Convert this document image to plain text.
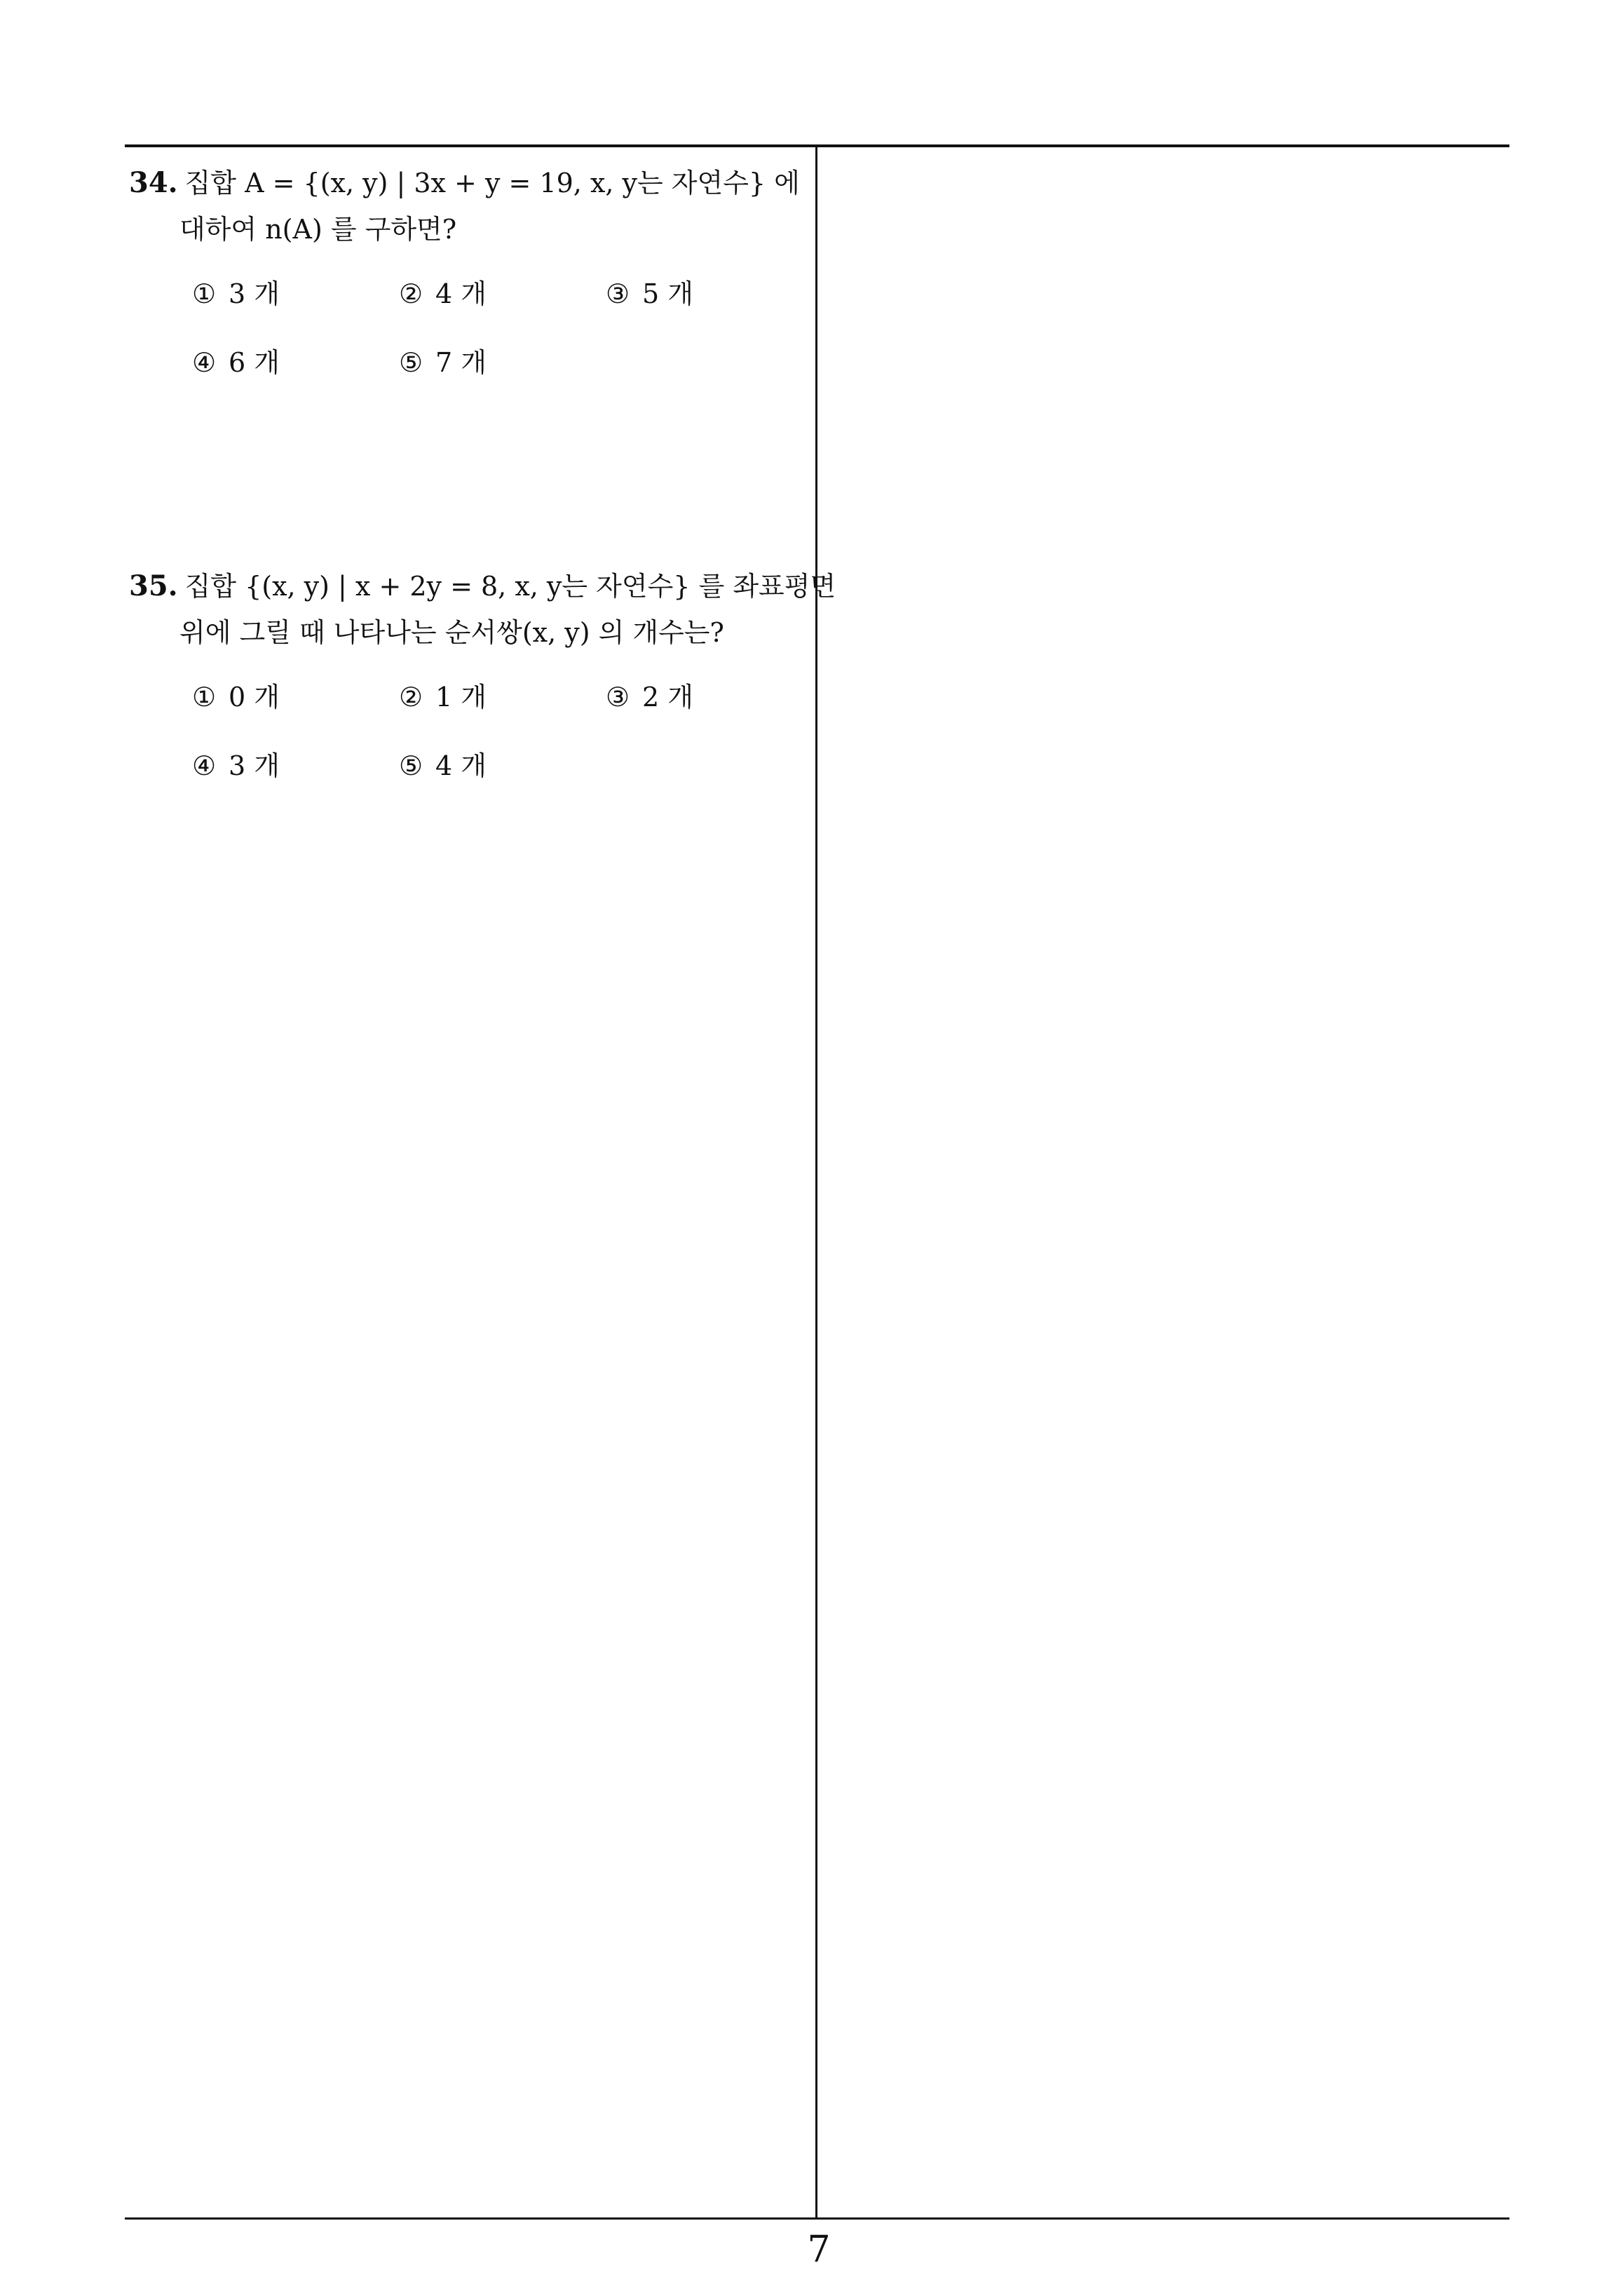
34. 집합 A = {(x, y) | 3x + y = 19, x, y는 자연수} 에
대하여 n(A) 를 구하면?
① 3 개	② 4 개	③ 5 개
④ 6 개	⑤ 7 개
35. 집합 {(x, y) | x + 2y = 8, x, y는 자연수} 를 좌표평면
위에 그릴 때 나타나는 순서쌍(x, y) 의 개수는?
① 0 개	② 1 개	③ 2 개
④ 3 개	⑤ 4 개
7
